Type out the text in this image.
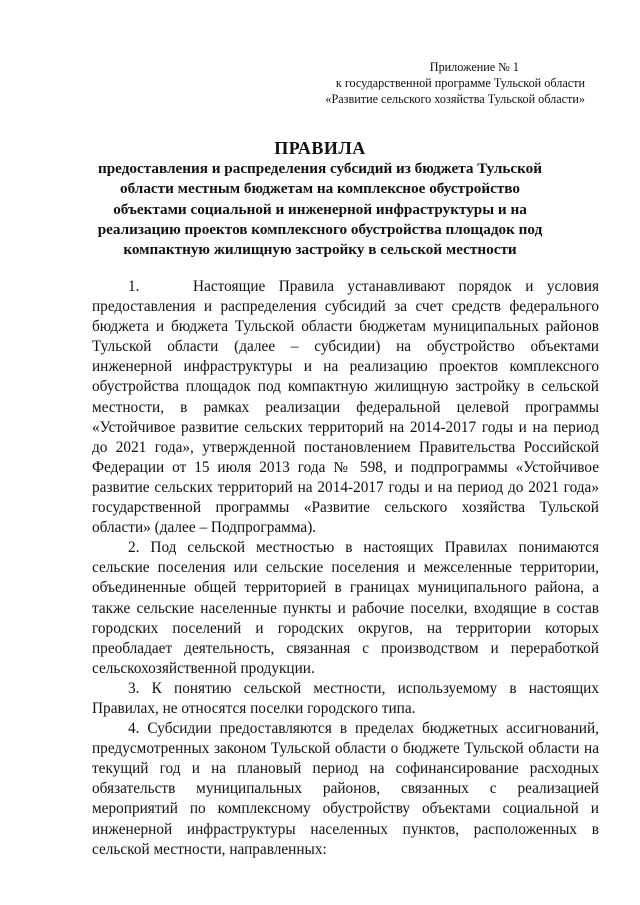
Приложение № 1
к государственной программе Тульской области
«Развитие сельского хозяйства Тульской области»
ПРАВИЛА
предоставления и распределения субсидий из бюджета Тульской области местным бюджетам на комплексное обустройство объектами социальной и инженерной инфраструктуры и на реализацию проектов комплексного обустройства площадок под компактную жилищную застройку в сельской местности

1.    Настоящие Правила устанавливают порядок и условия предоставления и распределения субсидий за счет средств федерального бюджета и бюджета Тульской области бюджетам муниципальных районов Тульской области (далее – субсидии) на обустройство объектами инженерной инфраструктуры и на реализацию проектов комплексного обустройства площадок под компактную жилищную застройку в сельской местности, в рамках реализации федеральной целевой программы «Устойчивое развитие сельских территорий на 2014-2017 годы и на период до 2021 года», утвержденной постановлением Правительства Российской Федерации от 15 июля 2013 года № 598, и подпрограммы «Устойчивое развитие сельских территорий на 2014-2017 годы и на период до 2021 года» государственной программы «Развитие сельского хозяйства Тульской области» (далее – Подпрограмма).

2. Под сельской местностью в настоящих Правилах понимаются сельские поселения или сельские поселения и межселенные территории, объединенные общей территорией в границах муниципального района, а также сельские населенные пункты и рабочие поселки, входящие в состав городских поселений и городских округов, на территории которых преобладает деятельность, связанная с производством и переработкой сельскохозяйственной продукции.

3. К понятию сельской местности, используемому в настоящих Правилах, не относятся поселки городского типа.

4. Субсидии предоставляются в пределах бюджетных ассигнований, предусмотренных законом Тульской области о бюджете Тульской области на текущий год и на плановый период на софинансирование расходных обязательств муниципальных районов, связанных с реализацией мероприятий по комплексному обустройству объектами социальной и инженерной инфраструктуры населенных пунктов, расположенных в сельской местности, направленных:
